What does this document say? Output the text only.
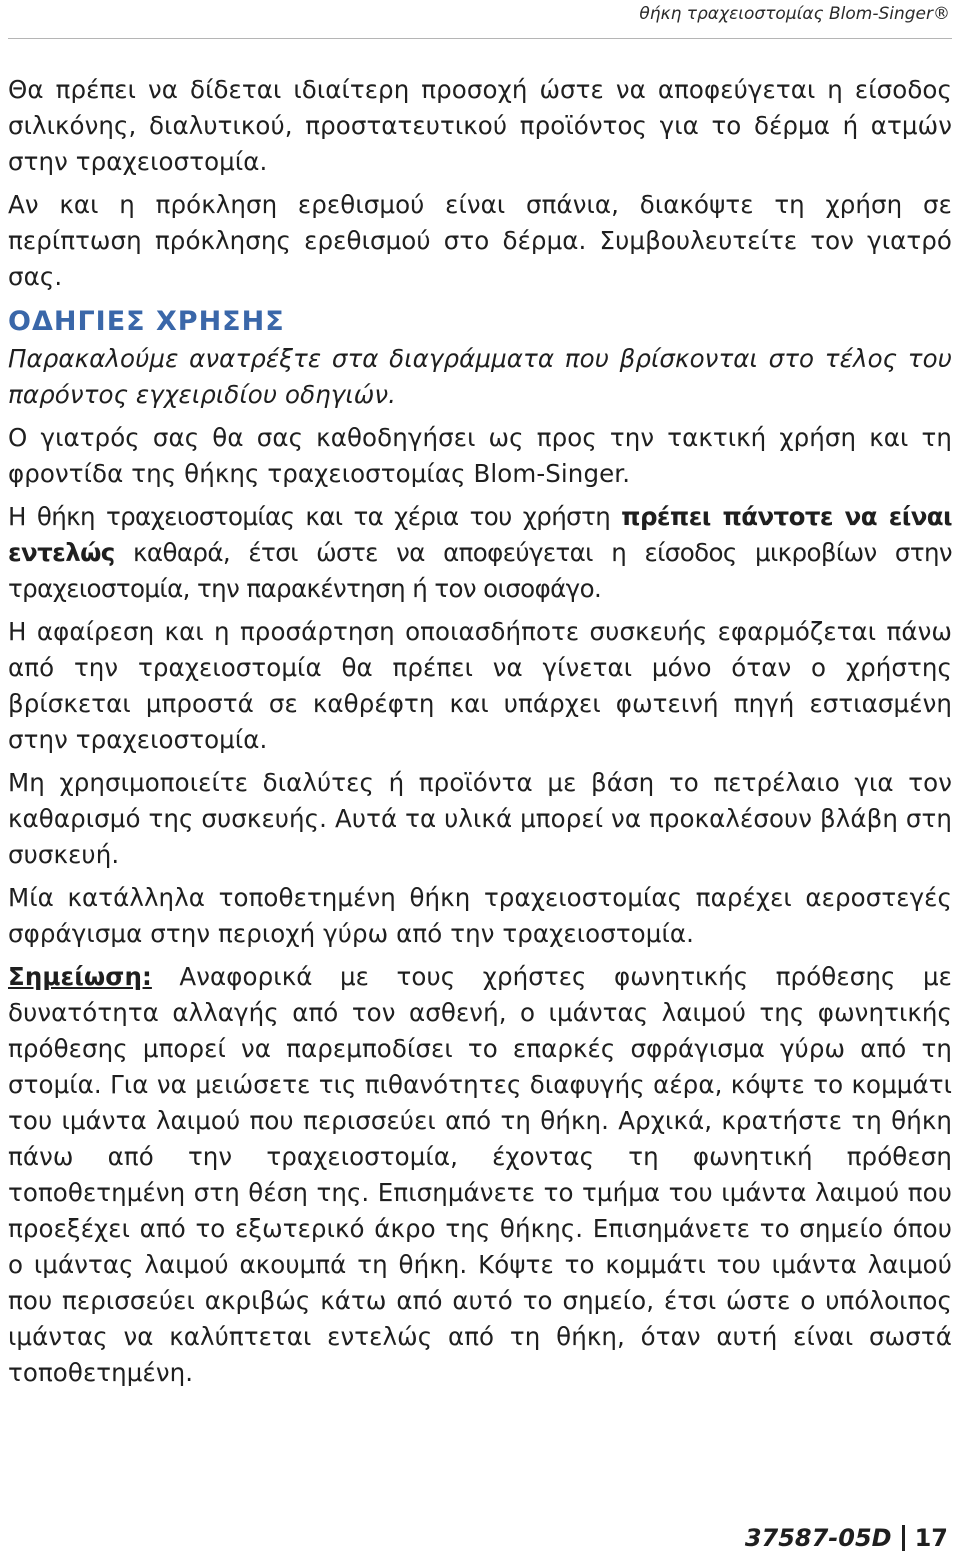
θήκη τραχειοστομίας Blom-Singer®

Θα πρέπει να δίδεται ιδιαίτερη προσοχή ώστε να αποφεύγεται η είσοδος σιλικόνης, διαλυτικού, προστατευτικού προϊόντος για το δέρμα ή ατμών στην τραχειοστομία.

Αν και η πρόκληση ερεθισμού είναι σπάνια, διακόψτε τη χρήση σε περίπτωση πρόκλησης ερεθισμού στο δέρμα. Συμβουλευτείτε τον γιατρό σας.

ΟΔΗΓΙΕΣ ΧΡΗΣΗΣ

Παρακαλούμε ανατρέξτε στα διαγράμματα που βρίσκονται στο τέλος του παρόντος εγχειριδίου οδηγιών.

Ο γιατρός σας θα σας καθοδηγήσει ως προς την τακτική χρήση και τη φροντίδα της θήκης τραχειοστομίας Blom-Singer.

Η θήκη τραχειοστομίας και τα χέρια του χρήστη πρέπει πάντοτε να είναι εντελώς καθαρά, έτσι ώστε να αποφεύγεται η είσοδος μικροβίων στην τραχειοστομία, την παρακέντηση ή τον οισοφάγο.

Η αφαίρεση και η προσάρτηση οποιασδήποτε συσκευής εφαρμόζεται πάνω από την τραχειοστομία θα πρέπει να γίνεται μόνο όταν ο χρήστης βρίσκεται μπροστά σε καθρέφτη και υπάρχει φωτεινή πηγή εστιασμένη στην τραχειοστομία.

Μη χρησιμοποιείτε διαλύτες ή προϊόντα με βάση το πετρέλαιο για τον καθαρισμό της συσκευής. Αυτά τα υλικά μπορεί να προκαλέσουν βλάβη στη συσκευή.

Μία κατάλληλα τοποθετημένη θήκη τραχειοστομίας παρέχει αεροστεγές σφράγισμα στην περιοχή γύρω από την τραχειοστομία.

Σημείωση: Αναφορικά με τους χρήστες φωνητικής πρόθεσης με δυνατότητα αλλαγής από τον ασθενή, ο ιμάντας λαιμού της φωνητικής πρόθεσης μπορεί να παρεμποδίσει το επαρκές σφράγισμα γύρω από τη στομία. Για να μειώσετε τις πιθανότητες διαφυγής αέρα, κόψτε το κομμάτι του ιμάντα λαιμού που περισσεύει από τη θήκη. Αρχικά, κρατήστε τη θήκη πάνω από την τραχειοστομία, έχοντας τη φωνητική πρόθεση τοποθετημένη στη θέση της. Επισημάνετε το τμήμα του ιμάντα λαιμού που προεξέχει από το εξωτερικό άκρο της θήκης. Επισημάνετε το σημείο όπου ο ιμάντας λαιμού ακουμπά τη θήκη. Κόψτε το κομμάτι του ιμάντα λαιμού που περισσεύει ακριβώς κάτω από αυτό το σημείο, έτσι ώστε ο υπόλοιπος ιμάντας να καλύπτεται εντελώς από τη θήκη, όταν αυτή είναι σωστά τοποθετημένη.

37587-05D 17
